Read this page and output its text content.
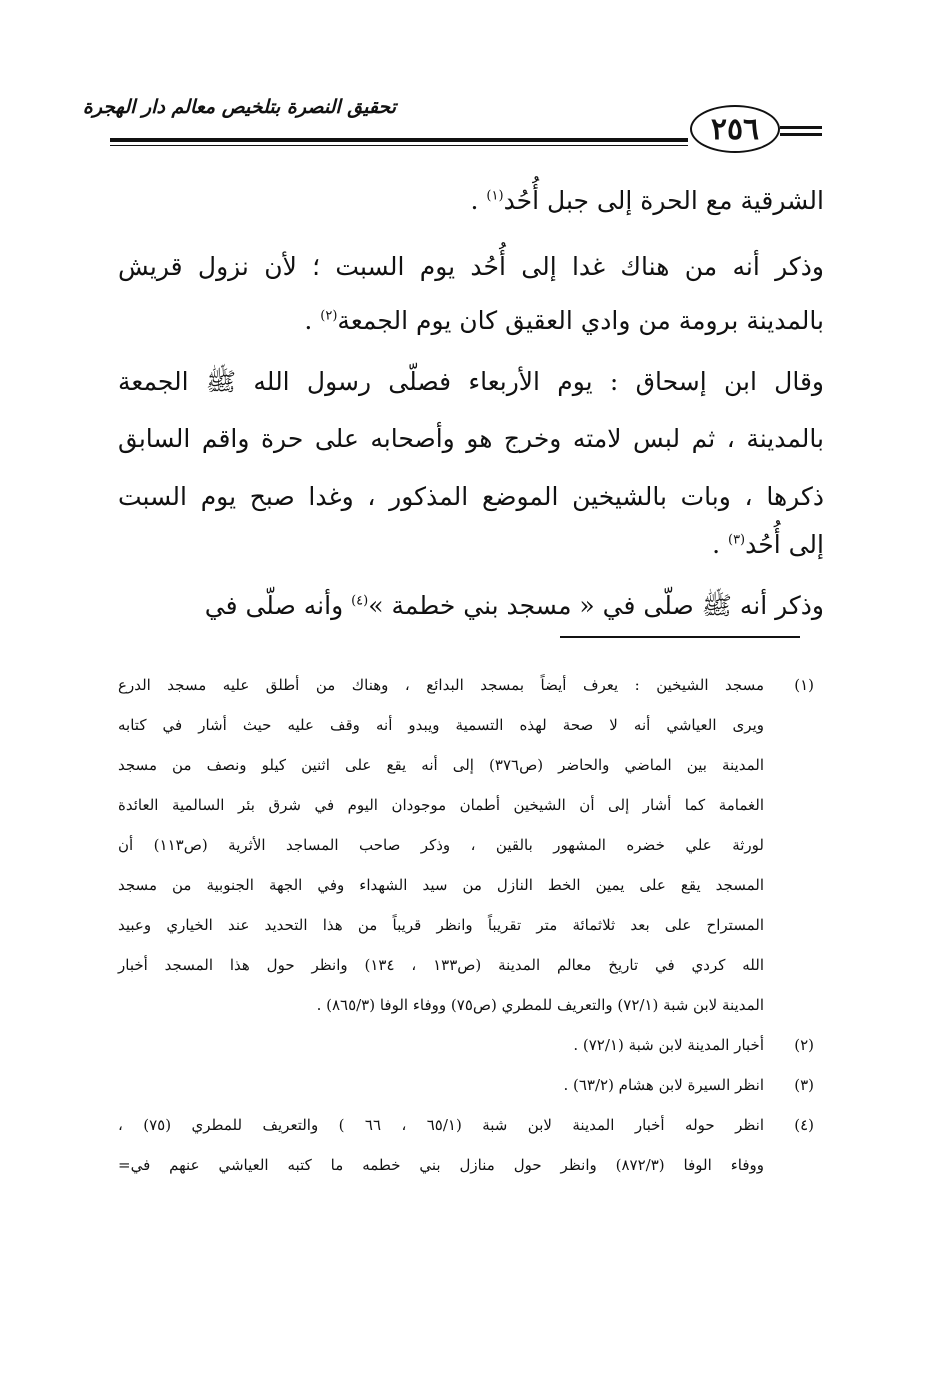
تحقيق النصرة بتلخيص معالم دار الهجرة
٢٥٦
الشرقية مع الحرة إلى جبل أُحُد$^{(١)}$ .
وذكر أنه من هناك غدا إلى أُحُد يوم السبت ؛ لأن نزول قريش
بالمدينة برومة من وادي العقيق كان يوم الجمعة$^{(٢)}$ .
وقال ابن إسحاق : يوم الأربعاء فصلّى رسول الله ﷺ الجمعة
بالمدينة ، ثم لبس لامته وخرج هو وأصحابه على حرة واقم السابق
ذكرها ، وبات بالشيخين الموضع المذكور ، وغدا صبح يوم السبت
إلى أُحُد$^{(٣)}$ .
وذكر أنه ﷺ صلّى في « مسجد بني خطمة »$^{(٤)}$ وأنه صلّى في
(١)
مسجد الشيخين : يعرف أيضاً بمسجد البدائع ، وهناك من أطلق عليه مسجد الدرع
ويرى العياشي أنه لا صحة لهذه التسمية ويبدو أنه وقف عليه حيث أشار في كتابه
المدينة بين الماضي والحاضر (ص٣٧٦) إلى أنه يقع على اثنين كيلو ونصف من مسجد
الغمامة كما أشار إلى أن الشيخين أطمان موجودان اليوم في شرق بئر السالمية العائدة
لورثة علي خضره المشهور بالقين ، وذكر صاحب المساجد الأثرية (ص١١٣) أن
المسجد يقع على يمين الخط النازل من سيد الشهداء وفي الجهة الجنوبية من مسجد
المستراح على بعد ثلاثمائة متر تقريباً وانظر قريباً من هذا التحديد عند الخياري وعبيد
الله كردي في تاريخ معالم المدينة (ص١٣٣ ، ١٣٤) وانظر حول هذا المسجد أخبار
المدينة لابن شبة (٧٢/١) والتعريف للمطري (ص٧٥) ووفاء الوفا (٨٦٥/٣) .
(٢)
أخبار المدينة لابن شبة (٧٢/١) .
(٣)
انظر السيرة لابن هشام (٦٣/٢) .
(٤)
انظر حوله أخبار المدينة لابن شبة (٦٥/١ ، ٦٦ ) والتعريف للمطري (٧٥) ،
ووفاء الوفا (٨٧٢/٣) وانظر حول منازل بني خطمه ما كتبه العياشي عنهم في=
